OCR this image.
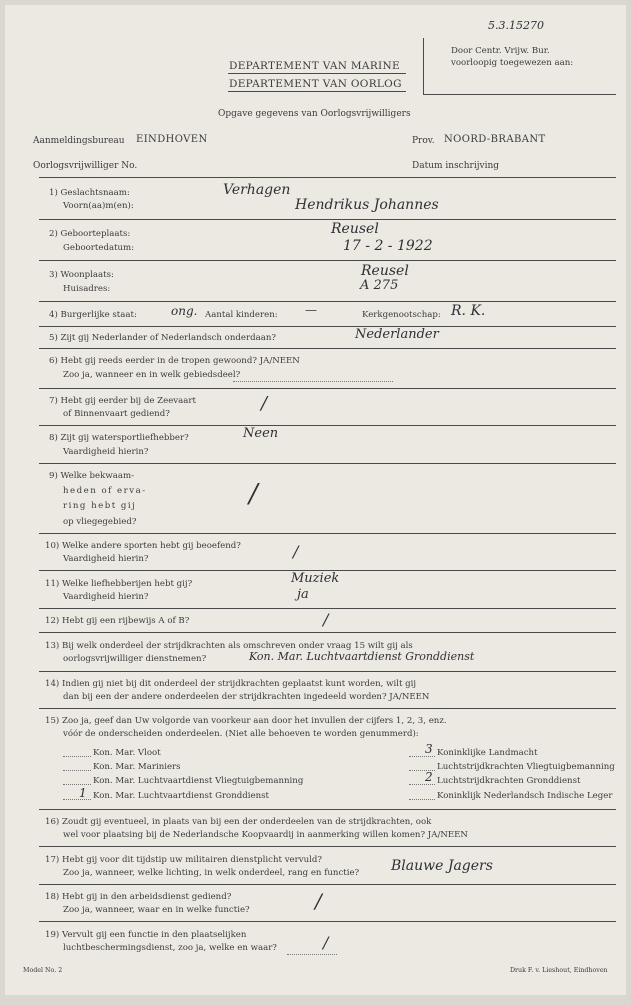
5.3.15270
Door Centr. Vrijw. Bur.
voorloopig toegewezen aan:
DEPARTEMENT VAN MARINE
DEPARTEMENT VAN OORLOG
Opgave gegevens van Oorlogsvrijwilligers
Aanmeldingsbureau EINDHOVEN	Prov. NOORD-BRABANT
Oorlogsvrijwilliger No.	Datum inschrijving
1) Geslachtsnaam:
Voorn(aa)m(en):
Verhagen
Hendrikus Johannes
2) Geboorteplaats:
Geboortedatum:
Reusel
17 - 2 - 1922
3) Woonplaats:
Huisadres:
Reusel
A 275
4) Burgerlijke staat:	ong. Aantal kinderen: —	Kerkgenootschap: R. K.
5) Zijt gij Nederlander of Nederlandsch onderdaan?	Nederlander
6) Hebt gij reeds eerder in de tropen gewoond? JA/NEEN
Zoo ja, wanneer en in welk gebiedsdeel?
7) Hebt gij eerder bij de Zeevaart
of Binnenvaart gediend?	/
8) Zijt gij watersportliefhebber?
Vaardigheid hierin?
Neen
9) Welke bekwaam-
heden of erva-
ring hebt gij
op vliegegebied?
/
10) Welke andere sporten hebt gij beoefend?
Vaardigheid hierin?	/
11) Welke liefhebberijen hebt gij?
Vaardigheid hierin?
Muziek
ja
12) Hebt gij een rijbewijs A of B?	/
13) Bij welk onderdeel der strijdkrachten als omschreven onder vraag 15 wilt gij als
oorlogsvrijwilliger dienstnemen?	Kon. Mar. Luchtvaartdienst Gronddienst
14) Indien gij niet bij dit onderdeel der strijdkrachten geplaatst kunt worden, wilt gij
dan bij een der andere onderdeelen der strijdkrachten ingedeeld worden? JA/NEEN
15) Zoo ja, geef dan Uw volgorde van voorkeur aan door het invullen der cijfers 1, 2, 3, enz.
vóór de onderscheiden onderdeelen. (Niet alle behoeven te worden genummerd):
Kon. Mar. Vloot
Kon. Mar. Mariniers
Kon. Mar. Luchtvaartdienst Vliegtuigbemanning
1 Kon. Mar. Luchtvaartdienst Gronddienst
3 Koninklijke Landmacht
Luchtstrijdkrachten Vliegtuigbemanning
2 Luchtstrijdkrachten Gronddienst
Koninklijk Nederlandsch Indische Leger
16) Zoudt gij eventueel, in plaats van bij een der onderdeelen van de strijdkrachten, ook
wel voor plaatsing bij de Nederlandsche Koopvaardij in aanmerking willen komen? JA/NEEN
17) Hebt gij voor dit tijdstip uw militairen dienstplicht vervuld?
Zoo ja, wanneer, welke lichting, in welk onderdeel, rang en functie? Blauwe Jagers
18) Hebt gij in den arbeidsdienst gediend?
Zoo ja, wanneer, waar en in welke functie?	/
19) Vervult gij een functie in den plaatselijken
luchtbeschermingsdienst, zoo ja, welke en waar?	/
Model No. 2	Druk F. v. Lieshout, Eindhoven
